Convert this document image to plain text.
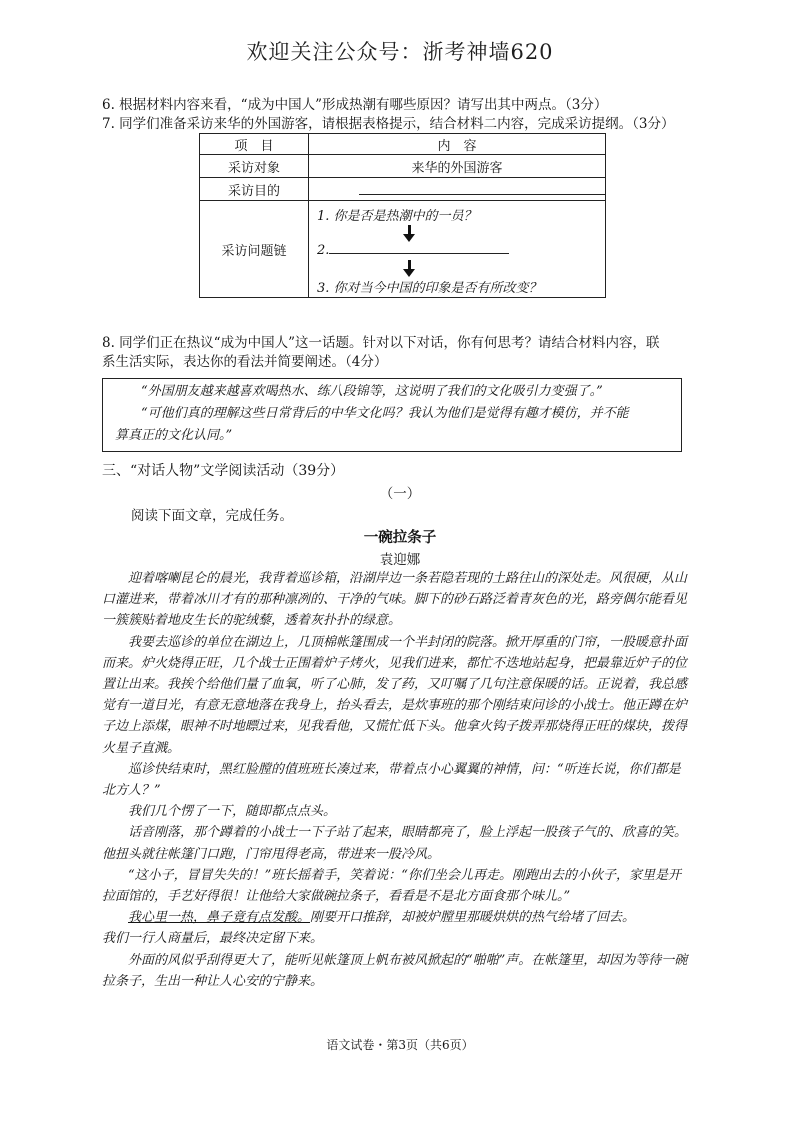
欢迎关注公众号：浙考神墙620
6. 根据材料内容来看，“成为中国人”形成热潮有哪些原因？请写出其中两点。（3分）
7. 同学们准备采访来华的外国游客，请根据表格提示，结合材料二内容，完成采访提纲。（3分）
项　目	内　容
采访对象	来华的外国游客
采访目的	

采访问题链	1. 你是否是热潮中的一员？
2.
3. 你对当今中国的印象是否有所改变？
8. 同学们正在热议“成为中国人”这一话题。针对以下对话，你有何思考？请结合材料内容，联
系生活实际，表达你的看法并简要阐述。（4分）

“外国朋友越来越喜欢喝热水、练八段锦等，这说明了我们的文化吸引力变强了。”

“可他们真的理解这些日常背后的中华文化吗？我认为他们是觉得有趣才模仿，并不能

算真正的文化认同。”

三、“对话人物”文学阅读活动（39分）
（一）
阅读下面文章，完成任务。
一碗拉条子
袁迎娜

迎着喀喇昆仑的晨光，我背着巡诊箱，沿湖岸边一条若隐若现的土路往山的深处走。风很硬，从山口灌进来，带着冰川才有的那种凛冽的、干净的气味。脚下的砂石路泛着青灰色的光，路旁偶尔能看见一簇簇贴着地皮生长的驼绒藜，透着灰扑扑的绿意。

我要去巡诊的单位在湖边上，几顶棉帐篷围成一个半封闭的院落。掀开厚重的门帘，一股暖意扑面而来。炉火烧得正旺，几个战士正围着炉子烤火，见我们进来，都忙不迭地站起身，把最靠近炉子的位置让出来。我挨个给他们量了血氧，听了心肺，发了药，又叮嘱了几句注意保暖的话。正说着，我总感觉有一道目光，有意无意地落在我身上，抬头看去，是炊事班的那个刚结束问诊的小战士。他正蹲在炉子边上添煤，眼神不时地瞟过来，见我看他，又慌忙低下头。他拿火钩子拨弄那烧得正旺的煤块，拨得火星子直溅。

巡诊快结束时，黑红脸膛的值班班长凑过来，带着点小心翼翼的神情，问：“听连长说，你们都是北方人？”

我们几个愣了一下，随即都点点头。

话音刚落，那个蹲着的小战士一下子站了起来，眼睛都亮了，脸上浮起一股孩子气的、欣喜的笑。他扭头就往帐篷门口跑，门帘甩得老高，带进来一股冷风。

“这小子，冒冒失失的！”班长摇着手，笑着说：“你们坐会儿再走。刚跑出去的小伙子，家里是开拉面馆的，手艺好得很！让他给大家做碗拉条子，看看是不是北方面食那个味儿。”

我心里一热，鼻子竟有点发酸。刚要开口推辞，却被炉膛里那暖烘烘的热气给堵了回去。

我们一行人商量后，最终决定留下来。

外面的风似乎刮得更大了，能听见帐篷顶上帆布被风掀起的“啪啪”声。在帐篷里，却因为等待一碗拉条子，生出一种让人心安的宁静来。

语文试卷・第3页（共6页）
